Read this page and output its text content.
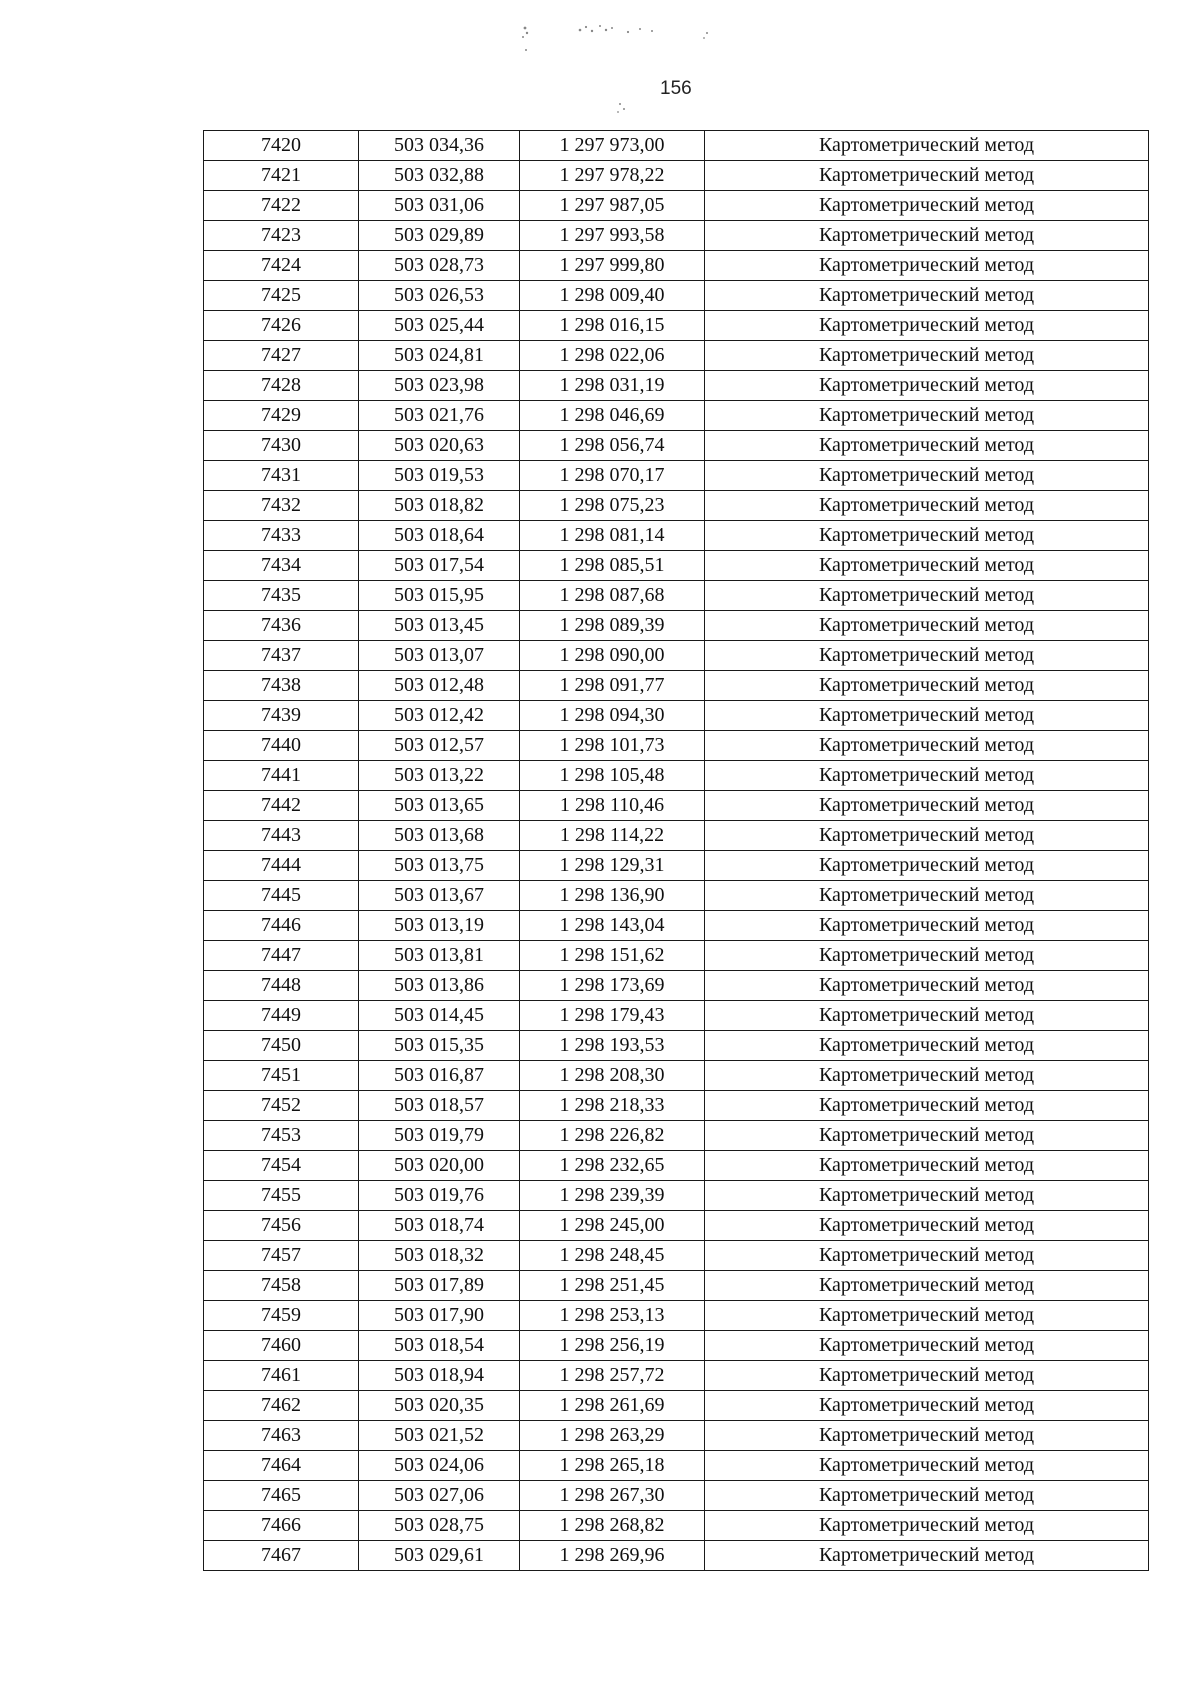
156
7420	503 034,36	1 297 973,00	Картометрический метод
7421	503 032,88	1 297 978,22	Картометрический метод
7422	503 031,06	1 297 987,05	Картометрический метод
7423	503 029,89	1 297 993,58	Картометрический метод
7424	503 028,73	1 297 999,80	Картометрический метод
7425	503 026,53	1 298 009,40	Картометрический метод
7426	503 025,44	1 298 016,15	Картометрический метод
7427	503 024,81	1 298 022,06	Картометрический метод
7428	503 023,98	1 298 031,19	Картометрический метод
7429	503 021,76	1 298 046,69	Картометрический метод
7430	503 020,63	1 298 056,74	Картометрический метод
7431	503 019,53	1 298 070,17	Картометрический метод
7432	503 018,82	1 298 075,23	Картометрический метод
7433	503 018,64	1 298 081,14	Картометрический метод
7434	503 017,54	1 298 085,51	Картометрический метод
7435	503 015,95	1 298 087,68	Картометрический метод
7436	503 013,45	1 298 089,39	Картометрический метод
7437	503 013,07	1 298 090,00	Картометрический метод
7438	503 012,48	1 298 091,77	Картометрический метод
7439	503 012,42	1 298 094,30	Картометрический метод
7440	503 012,57	1 298 101,73	Картометрический метод
7441	503 013,22	1 298 105,48	Картометрический метод
7442	503 013,65	1 298 110,46	Картометрический метод
7443	503 013,68	1 298 114,22	Картометрический метод
7444	503 013,75	1 298 129,31	Картометрический метод
7445	503 013,67	1 298 136,90	Картометрический метод
7446	503 013,19	1 298 143,04	Картометрический метод
7447	503 013,81	1 298 151,62	Картометрический метод
7448	503 013,86	1 298 173,69	Картометрический метод
7449	503 014,45	1 298 179,43	Картометрический метод
7450	503 015,35	1 298 193,53	Картометрический метод
7451	503 016,87	1 298 208,30	Картометрический метод
7452	503 018,57	1 298 218,33	Картометрический метод
7453	503 019,79	1 298 226,82	Картометрический метод
7454	503 020,00	1 298 232,65	Картометрический метод
7455	503 019,76	1 298 239,39	Картометрический метод
7456	503 018,74	1 298 245,00	Картометрический метод
7457	503 018,32	1 298 248,45	Картометрический метод
7458	503 017,89	1 298 251,45	Картометрический метод
7459	503 017,90	1 298 253,13	Картометрический метод
7460	503 018,54	1 298 256,19	Картометрический метод
7461	503 018,94	1 298 257,72	Картометрический метод
7462	503 020,35	1 298 261,69	Картометрический метод
7463	503 021,52	1 298 263,29	Картометрический метод
7464	503 024,06	1 298 265,18	Картометрический метод
7465	503 027,06	1 298 267,30	Картометрический метод
7466	503 028,75	1 298 268,82	Картометрический метод
7467	503 029,61	1 298 269,96	Картометрический метод
